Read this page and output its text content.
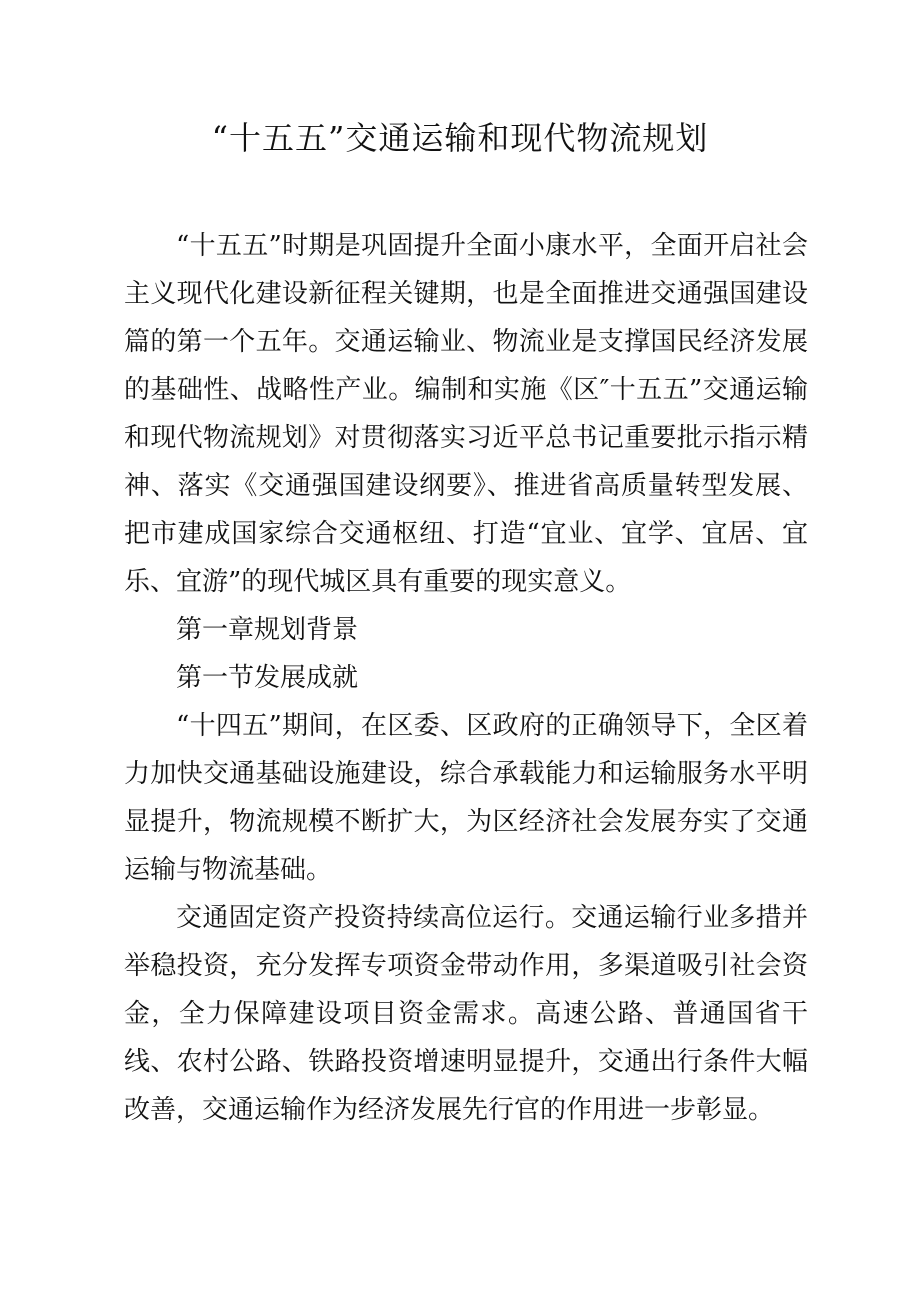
“十五五”交通运输和现代物流规划

“十五五”时期是巩固提升全面小康水平，全面开启社会主义现代化建设新征程关键期，也是全面推进交通强国建设篇的第一个五年。交通运输业、物流业是支撑国民经济发展的基础性、战略性产业。编制和实施《区″十五五”交通运输和现代物流规划》对贯彻落实习近平总书记重要批示指示精神、落实《交通强国建设纲要》、推进省高质量转型发展、把市建成国家综合交通枢纽、打造“宜业、宜学、宜居、宜乐、宜游”的现代城区具有重要的现实意义。

第一章规划背景

第一节发展成就

“十四五”期间，在区委、区政府的正确领导下，全区着力加快交通基础设施建设，综合承载能力和运输服务水平明显提升，物流规模不断扩大，为区经济社会发展夯实了交通运输与物流基础。

交通固定资产投资持续高位运行。交通运输行业多措并举稳投资，充分发挥专项资金带动作用，多渠道吸引社会资金，全力保障建设项目资金需求。高速公路、普通国省干线、农村公路、铁路投资增速明显提升，交通出行条件大幅改善，交通运输作为经济发展先行官的作用进一步彰显。
